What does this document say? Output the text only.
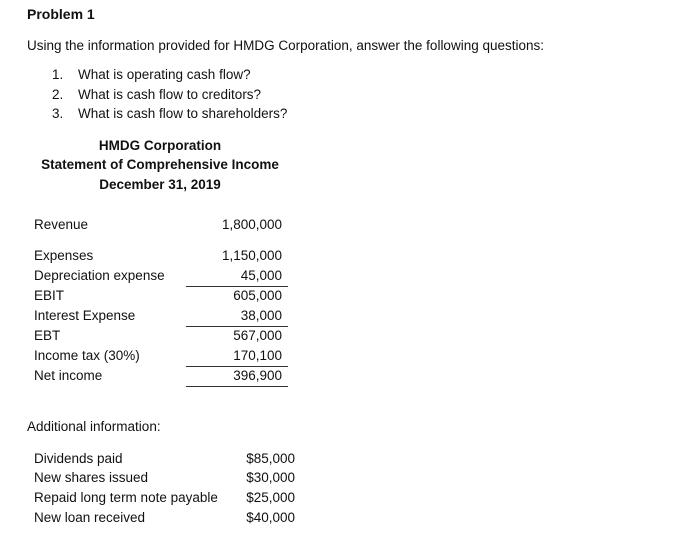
Problem 1
Using the information provided for HMDG Corporation, answer the following questions:
1. What is operating cash flow?
2. What is cash flow to creditors?
3. What is cash flow to shareholders?
HMDG Corporation
Statement of Comprehensive Income
December 31, 2019
Revenue	1,800,000
Expenses	1,150,000
Depreciation expense	45,000
EBIT	605,000
Interest Expense	38,000
EBT	567,000
Income tax (30%)	170,100
Net income	396,900
Additional information:
Dividends paid	$85,000
New shares issued	$30,000
Repaid long term note payable	$25,000
New loan received	$40,000
